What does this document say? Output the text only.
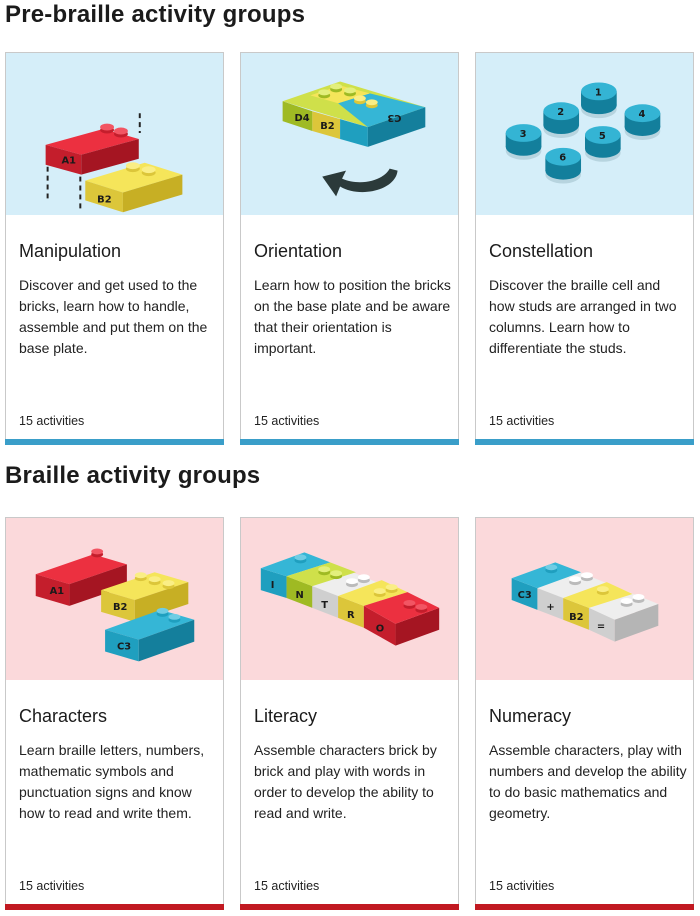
Pre-braille activity groups
A1
B2
Manipulation
Discover and get used to the bricks, learn how to handle, assemble and put them on the base plate.
15 activities
D4
B2
C3
Orientation
Learn how to position the bricks on the base plate and be aware that their orientation is important.
15 activities
1
2
3
4
5
6
Constellation
Discover the braille cell and how studs are arranged in two columns. Learn how to differentiate the studs.
15 activities
Braille activity groups
A1
B2
C3
Characters
Learn braille letters, numbers, mathematic symbols and punctuation signs and know how to read and write them.
15 activities
I
N
T
R
O
Literacy
Assemble characters brick by brick and play with words in order to develop the ability to read and write.
15 activities
C3
+
B2
=
Numeracy
Assemble characters, play with numbers and develop the ability to do basic mathematics and geometry.
15 activities
